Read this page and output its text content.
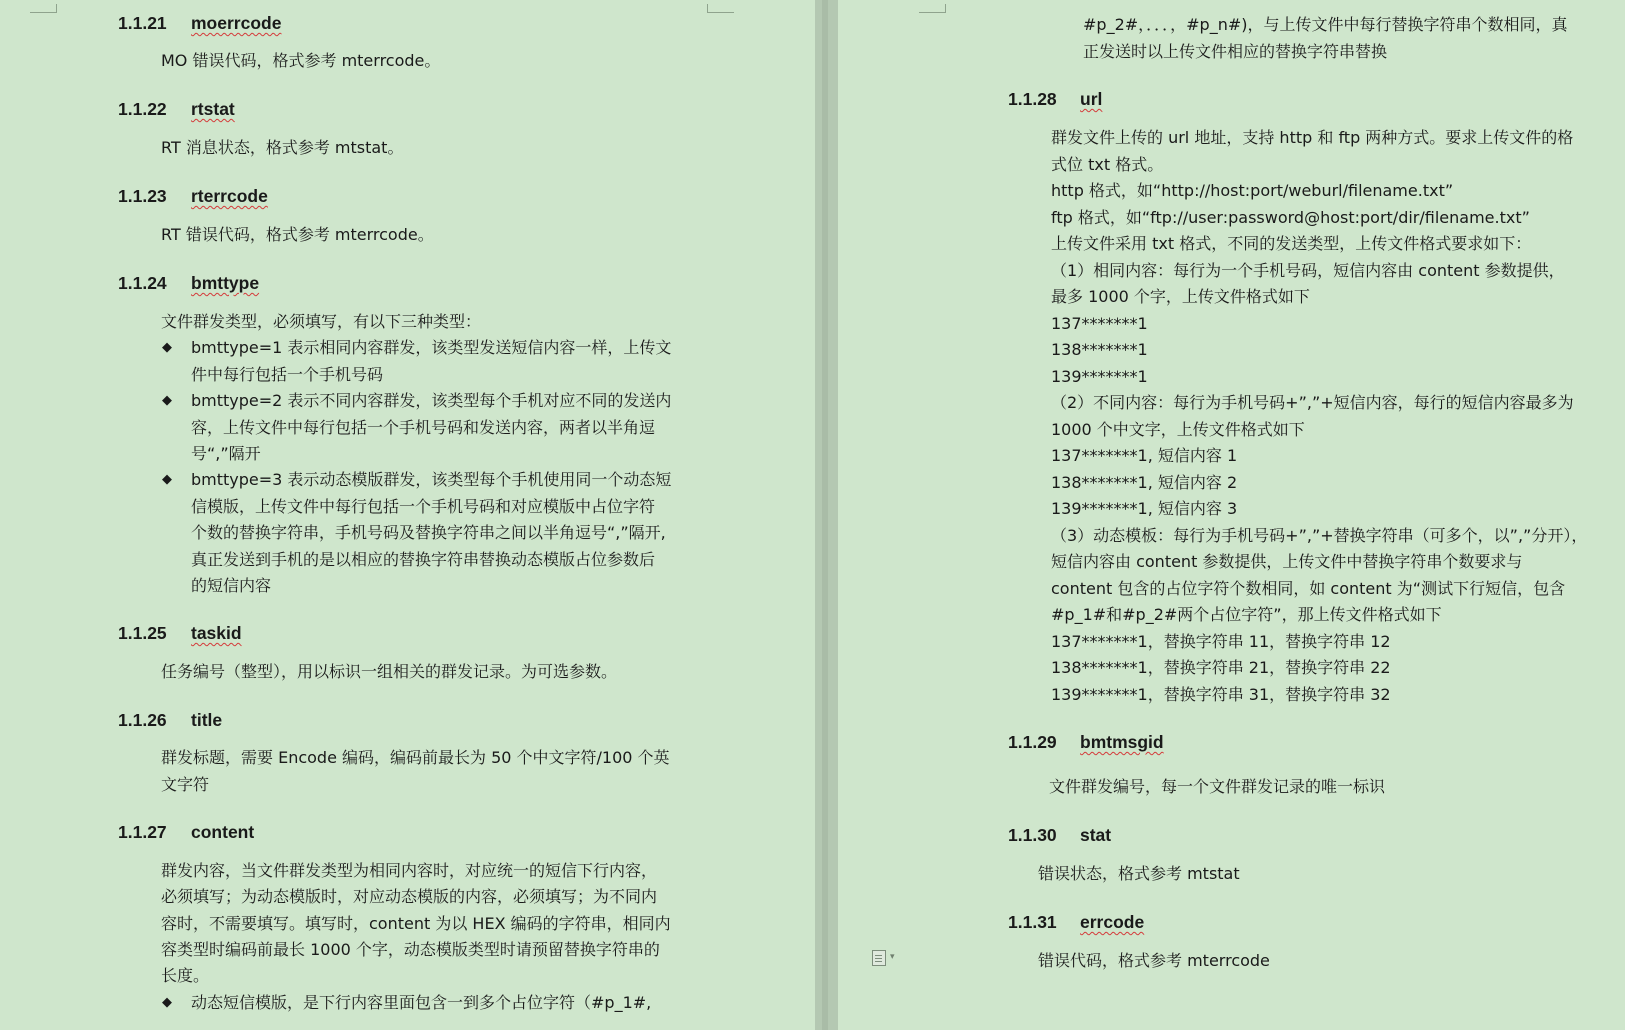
1.1.21 moerrcode
MO 错误代码，格式参考 mterrcode。
1.1.22 rtstat
RT 消息状态，格式参考 mtstat。
1.1.23 rterrcode
RT 错误代码，格式参考 mterrcode。
1.1.24 bmttype
文件群发类型，必须填写，有以下三种类型：
◆ bmttype=1 表示相同内容群发，该类型发送短信内容一样，上传文
件中每行包括一个手机号码
◆ bmttype=2 表示不同内容群发，该类型每个手机对应不同的发送内
容，上传文件中每行包括一个手机号码和发送内容，两者以半角逗
号“,”隔开
◆ bmttype=3 表示动态模版群发，该类型每个手机使用同一个动态短
信模版，上传文件中每行包括一个手机号码和对应模版中占位字符
个数的替换字符串，手机号码及替换字符串之间以半角逗号“,”隔开,
真正发送到手机的是以相应的替换字符串替换动态模版占位参数后
的短信内容
1.1.25 taskid
任务编号（整型），用以标识一组相关的群发记录。为可选参数。
1.1.26 title
群发标题，需要 Encode 编码，编码前最长为 50 个中文字符/100 个英
文字符
1.1.27 content
群发内容，当文件群发类型为相同内容时，对应统一的短信下行内容，
必须填写；为动态模版时，对应动态模版的内容，必须填写；为不同内
容时，不需要填写。填写时，content 为以 HEX 编码的字符串，相同内
容类型时编码前最长 1000 个字，动态模版类型时请预留替换字符串的
长度。
◆ 动态短信模版，是下行内容里面包含一到多个占位字符（#p_1#,
#p_2#，．．．，#p_n#)，与上传文件中每行替换字符串个数相同，真
正发送时以上传文件相应的替换字符串替换
1.1.28 url
群发文件上传的 url 地址，支持 http 和 ftp 两种方式。要求上传文件的格
式位 txt 格式。
http 格式，如“http://host:port/weburl/filename.txt”
ftp 格式，如“ftp://user:password@host:port/dir/filename.txt”
上传文件采用 txt 格式，不同的发送类型，上传文件格式要求如下：
（1）相同内容：每行为一个手机号码，短信内容由 content 参数提供，
最多 1000 个字，上传文件格式如下
137*******1
138*******1
139*******1
（2）不同内容：每行为手机号码+”,”+短信内容，每行的短信内容最多为
1000 个中文字，上传文件格式如下
137*******1, 短信内容 1
138*******1, 短信内容 2
139*******1, 短信内容 3
（3）动态模板：每行为手机号码+”,”+替换字符串（可多个，以”,”分开），
短信内容由 content 参数提供，上传文件中替换字符串个数要求与
content 包含的占位字符个数相同，如 content 为“测试下行短信，包含
#p_1#和#p_2#两个占位字符”，那上传文件格式如下
137*******1，替换字符串 11，替换字符串 12
138*******1，替换字符串 21，替换字符串 22
139*******1，替换字符串 31，替换字符串 32
1.1.29 bmtmsgid
文件群发编号，每一个文件群发记录的唯一标识
1.1.30 stat
错误状态，格式参考 mtstat
1.1.31 errcode
错误代码，格式参考 mterrcode
▾
